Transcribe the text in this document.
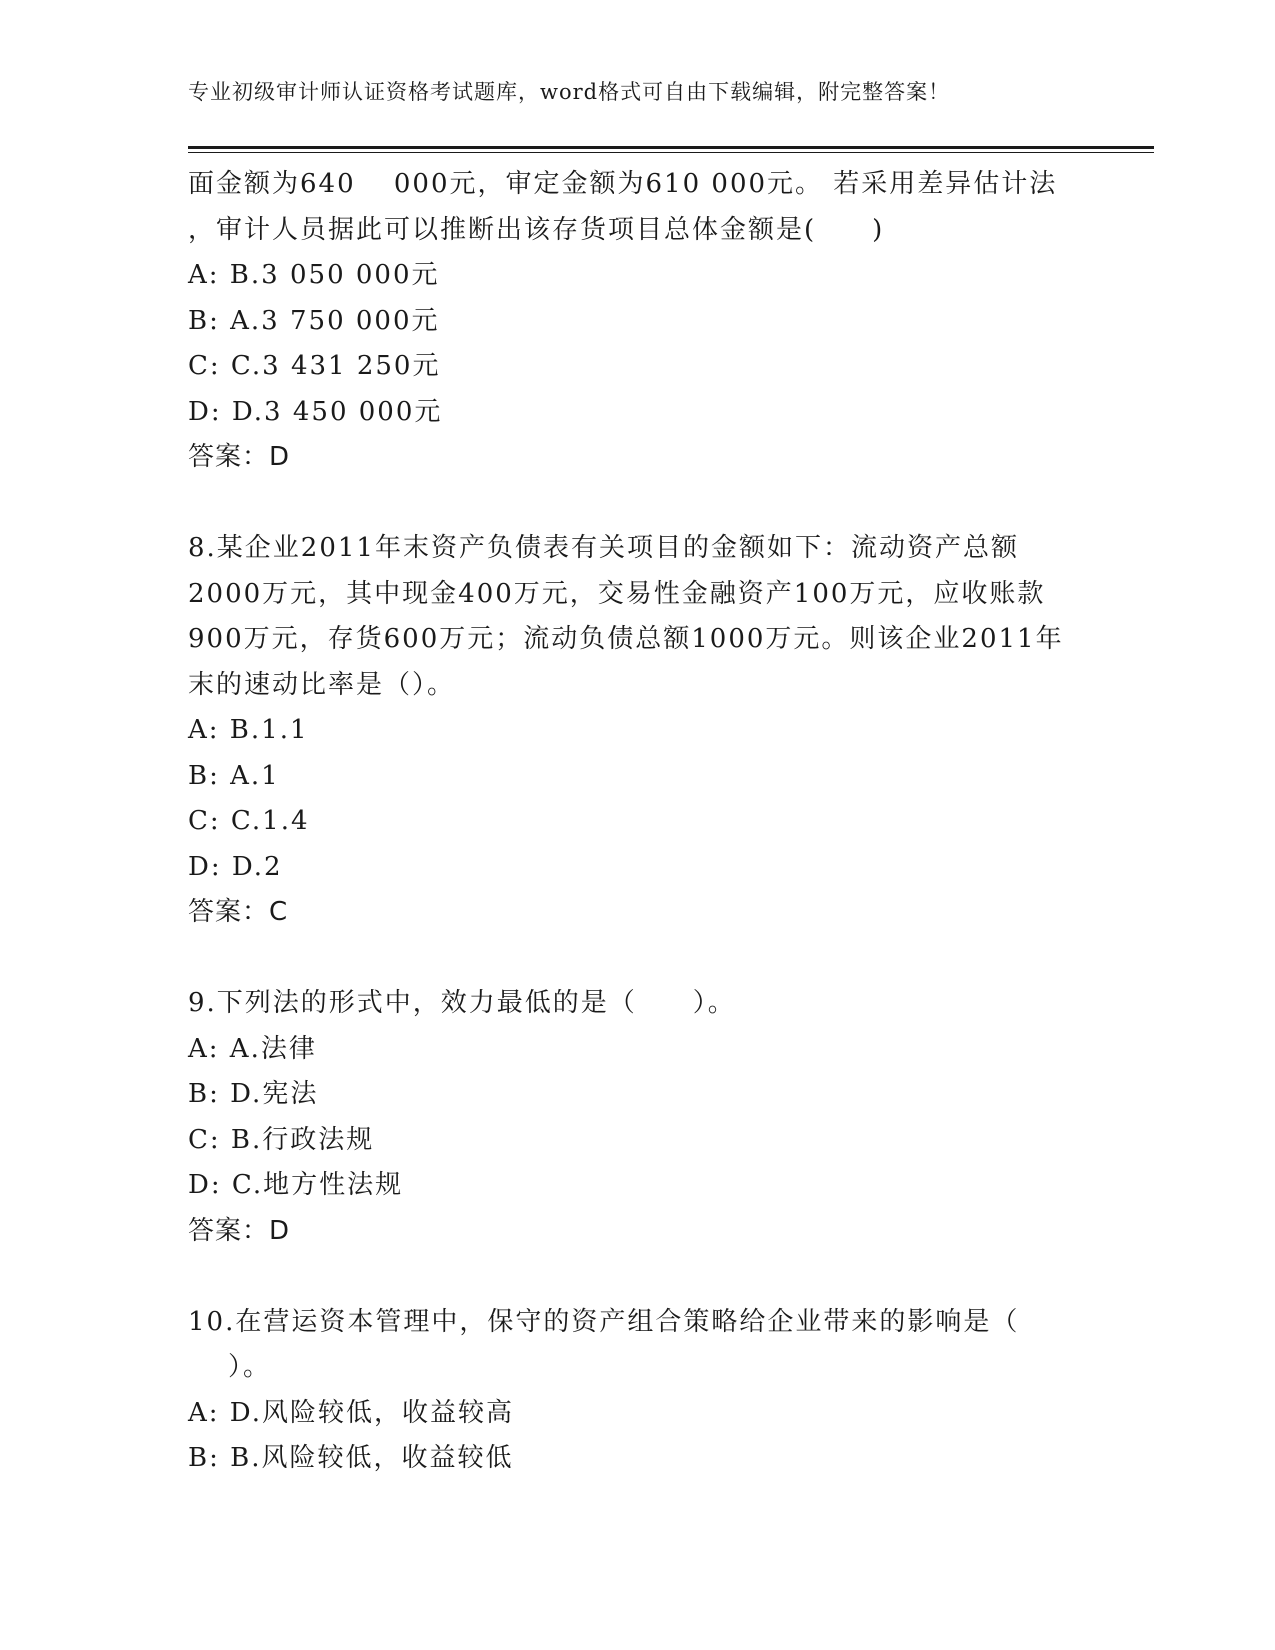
专业初级审计师认证资格考试题库，word格式可自由下载编辑，附完整答案！
面金额为640　 000元，审定金额为610 000元。 若采用差异估计法
，审计人员据此可以推断出该存货项目总体金额是(　　)
A: B.3 050 000元
B: A.3 750 000元
C: C.3 431 250元
D: D.3 450 000元
答案：D
8.某企业2011年末资产负债表有关项目的金额如下：流动资产总额
2000万元，其中现金400万元，交易性金融资产100万元，应收账款
900万元，存货600万元；流动负债总额1000万元。则该企业2011年
末的速动比率是（）。
A: B.1.1
B: A.1
C: C.1.4
D: D.2
答案：C
9.下列法的形式中，效力最低的是（　　）。
A: A.法律
B: D.宪法
C: B.行政法规
D: C.地方性法规
答案：D
10.在营运资本管理中，保守的资产组合策略给企业带来的影响是（
）。
A: D.风险较低，收益较高
B: B.风险较低，收益较低
